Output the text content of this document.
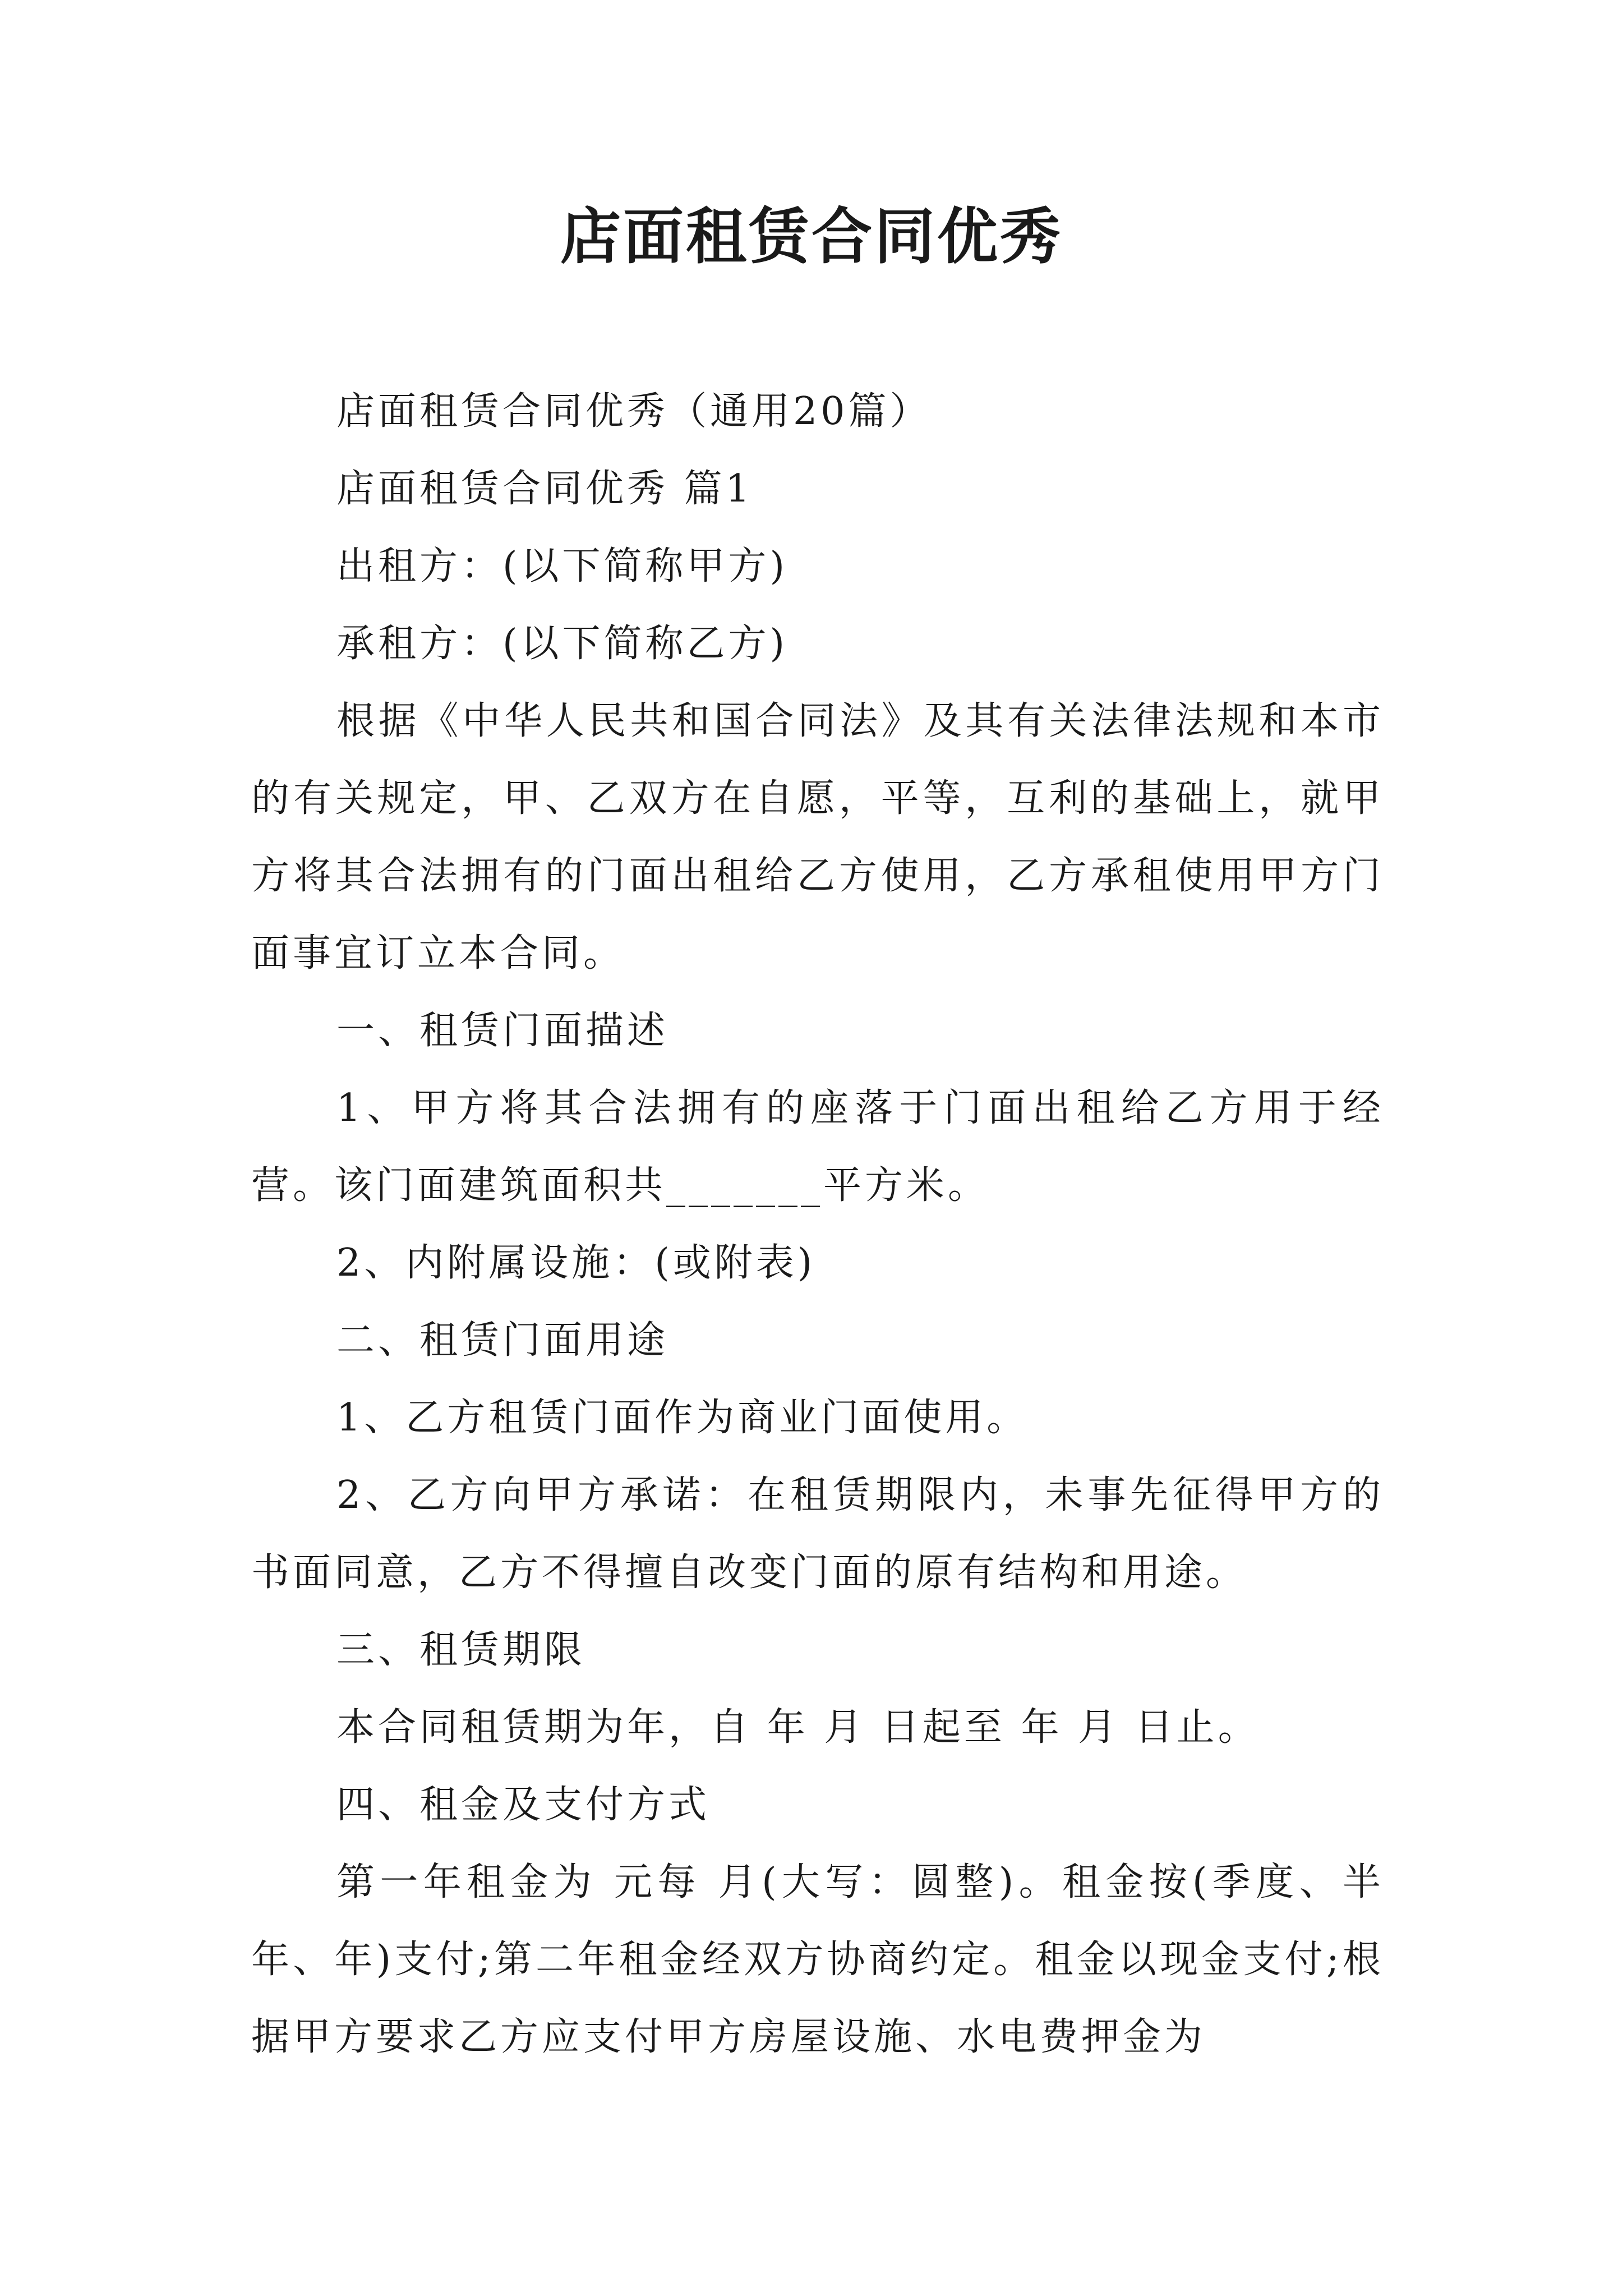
店面租赁合同优秀

店面租赁合同优秀（通用20篇）

店面租赁合同优秀 篇1

出租方：(以下简称甲方)

承租方：(以下简称乙方)

根据《中华人民共和国合同法》及其有关法律法规和本市的有关规定，甲、乙双方在自愿，平等，互利的基础上，就甲方将其合法拥有的门面出租给乙方使用，乙方承租使用甲方门面事宜订立本合同。

一、租赁门面描述

1、甲方将其合法拥有的座落于门面出租给乙方用于经营。该门面建筑面积共_______平方米。

2、内附属设施：(或附表)

二、租赁门面用途

1、乙方租赁门面作为商业门面使用。

2、乙方向甲方承诺：在租赁期限内，未事先征得甲方的书面同意，乙方不得擅自改变门面的原有结构和用途。

三、租赁期限

本合同租赁期为年，自 年 月 日起至 年 月 日止。

四、租金及支付方式

第一年租金为 元每 月(大写：圆整)。租金按(季度、半年、年)支付;第二年租金经双方协商约定。租金以现金支付;根据甲方要求乙方应支付甲方房屋设施、水电费押金为
